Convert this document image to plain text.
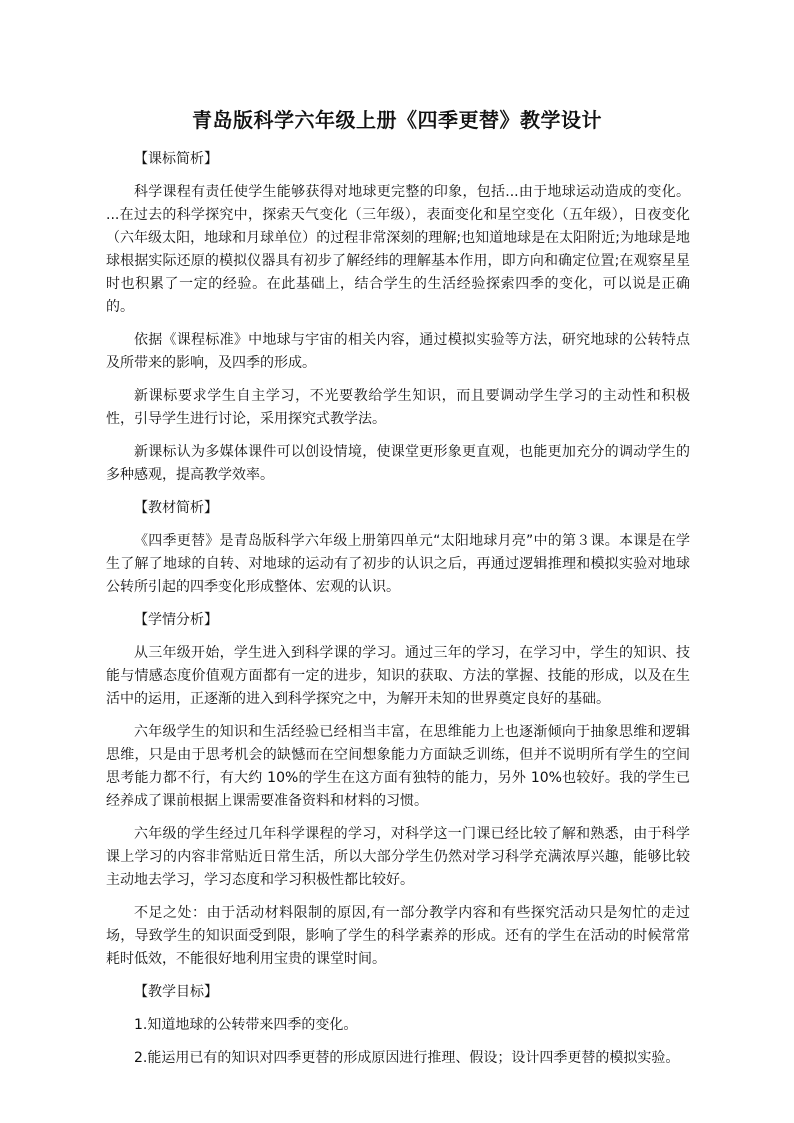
青岛版科学六年级上册《四季更替》教学设计
【课标简析】

科学课程有责任使学生能够获得对地球更完整的印象，包括...由于地球运动造成的变化。 ...在过去的科学探究中，探索天气变化（三年级），表面变化和星空变化（五年级），日夜变化（六年级太阳，地球和月球单位）的过程非常深刻的理解;也知道地球是在太阳附近;为地球是地球根据实际还原的模拟仪器具有初步了解经纬的理解基本作用，即方向和确定位置;在观察星星时也积累了一定的经验。在此基础上，结合学生的生活经验探索四季的变化，可以说是正确的。

依据《课程标准》中地球与宇宙的相关内容，通过模拟实验等方法，研究地球的公转特点及所带来的影响，及四季的形成。

新课标要求学生自主学习，不光要教给学生知识，而且要调动学生学习的主动性和积极性，引导学生进行讨论，采用探究式教学法。

新课标认为多媒体课件可以创设情境，使课堂更形象更直观，也能更加充分的调动学生的多种感观，提高教学效率。

【教材简析】

《四季更替》是青岛版科学六年级上册第四单元“太阳地球月亮”中的第３课。本课是在学生了解了地球的自转、对地球的运动有了初步的认识之后，再通过逻辑推理和模拟实验对地球公转所引起的四季变化形成整体、宏观的认识。

【学情分析】

从三年级开始，学生进入到科学课的学习。通过三年的学习，在学习中，学生的知识、技能与情感态度价值观方面都有一定的进步，知识的获取、方法的掌握、技能的形成，以及在生活中的运用，正逐渐的进入到科学探究之中，为解开未知的世界奠定良好的基础。

六年级学生的知识和生活经验已经相当丰富，在思维能力上也逐渐倾向于抽象思维和逻辑思维，只是由于思考机会的缺憾而在空间想象能力方面缺乏训练，但并不说明所有学生的空间思考能力都不行，有大约 10%的学生在这方面有独特的能力，另外 10%也较好。我的学生已经养成了课前根据上课需要准备资料和材料的习惯。

六年级的学生经过几年科学课程的学习，对科学这一门课已经比较了解和熟悉，由于科学课上学习的内容非常贴近日常生活，所以大部分学生仍然对学习科学充满浓厚兴趣，能够比较主动地去学习，学习态度和学习积极性都比较好。

不足之处：由于活动材料限制的原因,有一部分教学内容和有些探究活动只是匆忙的走过场，导致学生的知识面受到限，影响了学生的科学素养的形成。还有的学生在活动的时候常常耗时低效，不能很好地利用宝贵的课堂时间。

【教学目标】
1.知道地球的公转带来四季的变化。
2.能运用已有的知识对四季更替的形成原因进行推理、假设；设计四季更替的模拟实验。
